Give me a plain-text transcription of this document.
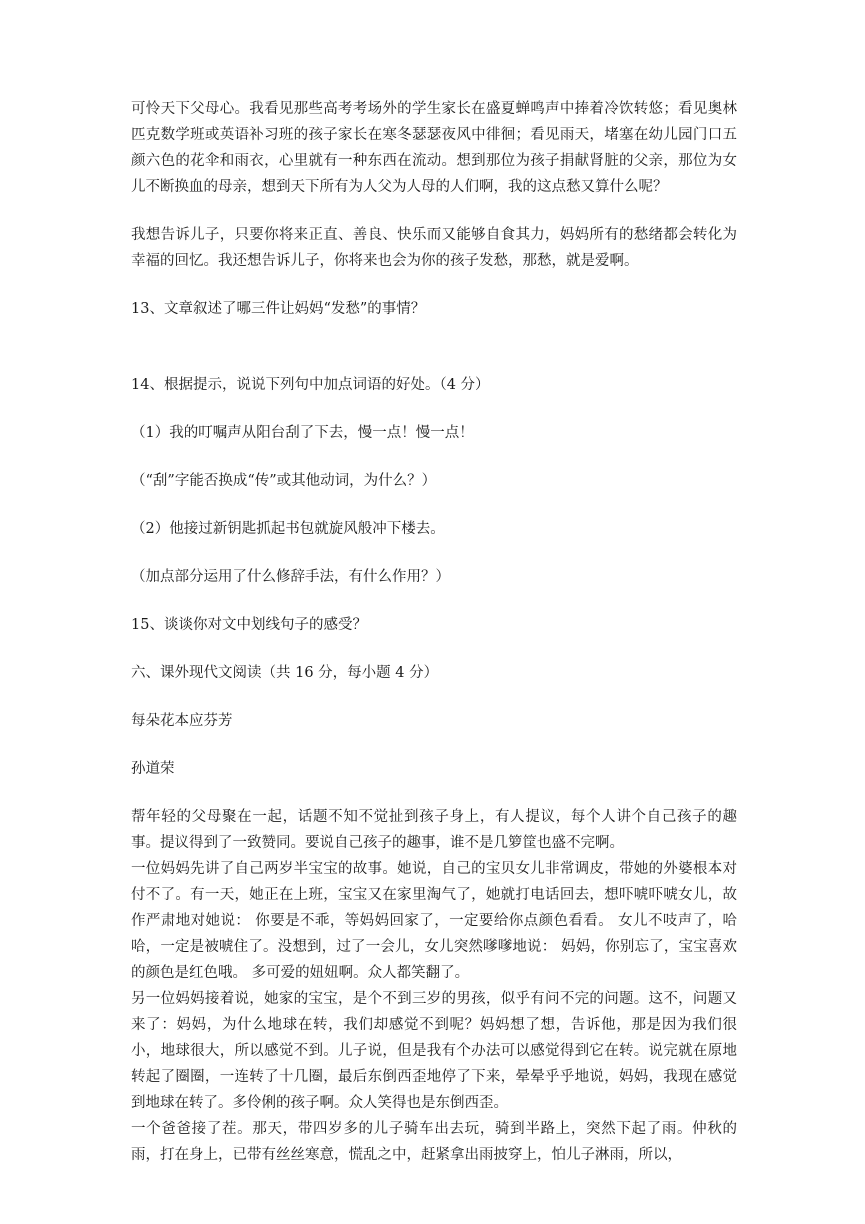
可怜天下父母心。我看见那些高考考场外的学生家长在盛夏蝉鸣声中捧着冷饮转悠；看见奥林匹克数学班或英语补习班的孩子家长在寒冬瑟瑟夜风中徘徊；看见雨天，堵塞在幼儿园门口五颜六色的花伞和雨衣，心里就有一种东西在流动。想到那位为孩子捐献肾脏的父亲，那位为女儿不断换血的母亲，想到天下所有为人父为人母的人们啊，我的这点愁又算什么呢？

我想告诉儿子，只要你将来正直、善良、快乐而又能够自食其力，妈妈所有的愁绪都会转化为幸福的回忆。我还想告诉儿子，你将来也会为你的孩子发愁，那愁，就是爱啊。

13、文章叙述了哪三件让妈妈“发愁”的事情？

14、根据提示，说说下列句中加点词语的好处。（4 分）

（1）我的叮嘱声从阳台刮了下去，慢一点！慢一点！

（“刮”字能否换成“传”或其他动词，为什么？）

（2）他接过新钥匙抓起书包就旋风般冲下楼去。

（加点部分运用了什么修辞手法，有什么作用？）

15、谈谈你对文中划线句子的感受？

六、课外现代文阅读（共 16 分，每小题 4 分）

每朵花本应芬芳

孙道荣

帮年轻的父母聚在一起，话题不知不觉扯到孩子身上，有人提议，每个人讲个自己孩子的趣事。提议得到了一致赞同。要说自己孩子的趣事，谁不是几箩筐也盛不完啊。

一位妈妈先讲了自己两岁半宝宝的故事。她说，自己的宝贝女儿非常调皮，带她的外婆根本对付不了。有一天，她正在上班，宝宝又在家里淘气了，她就打电话回去，想吓唬吓唬女儿，故作严肃地对她说： 你要是不乖，等妈妈回家了，一定要给你点颜色看看。 女儿不吱声了，哈哈，一定是被唬住了。没想到，过了一会儿，女儿突然嗲嗲地说： 妈妈，你别忘了，宝宝喜欢的颜色是红色哦。 多可爱的妞妞啊。众人都笑翻了。

另一位妈妈接着说，她家的宝宝，是个不到三岁的男孩，似乎有问不完的问题。这不，问题又来了：妈妈，为什么地球在转，我们却感觉不到呢？妈妈想了想，告诉他，那是因为我们很小，地球很大，所以感觉不到。儿子说，但是我有个办法可以感觉得到它在转。说完就在原地转起了圈圈，一连转了十几圈，最后东倒西歪地停了下来，晕晕乎乎地说，妈妈，我现在感觉到地球在转了。多伶俐的孩子啊。众人笑得也是东倒西歪。

一个爸爸接了茬。那天，带四岁多的儿子骑车出去玩，骑到半路上，突然下起了雨。仲秋的雨，打在身上，已带有丝丝寒意，慌乱之中，赶紧拿出雨披穿上，怕儿子淋雨，所以，
